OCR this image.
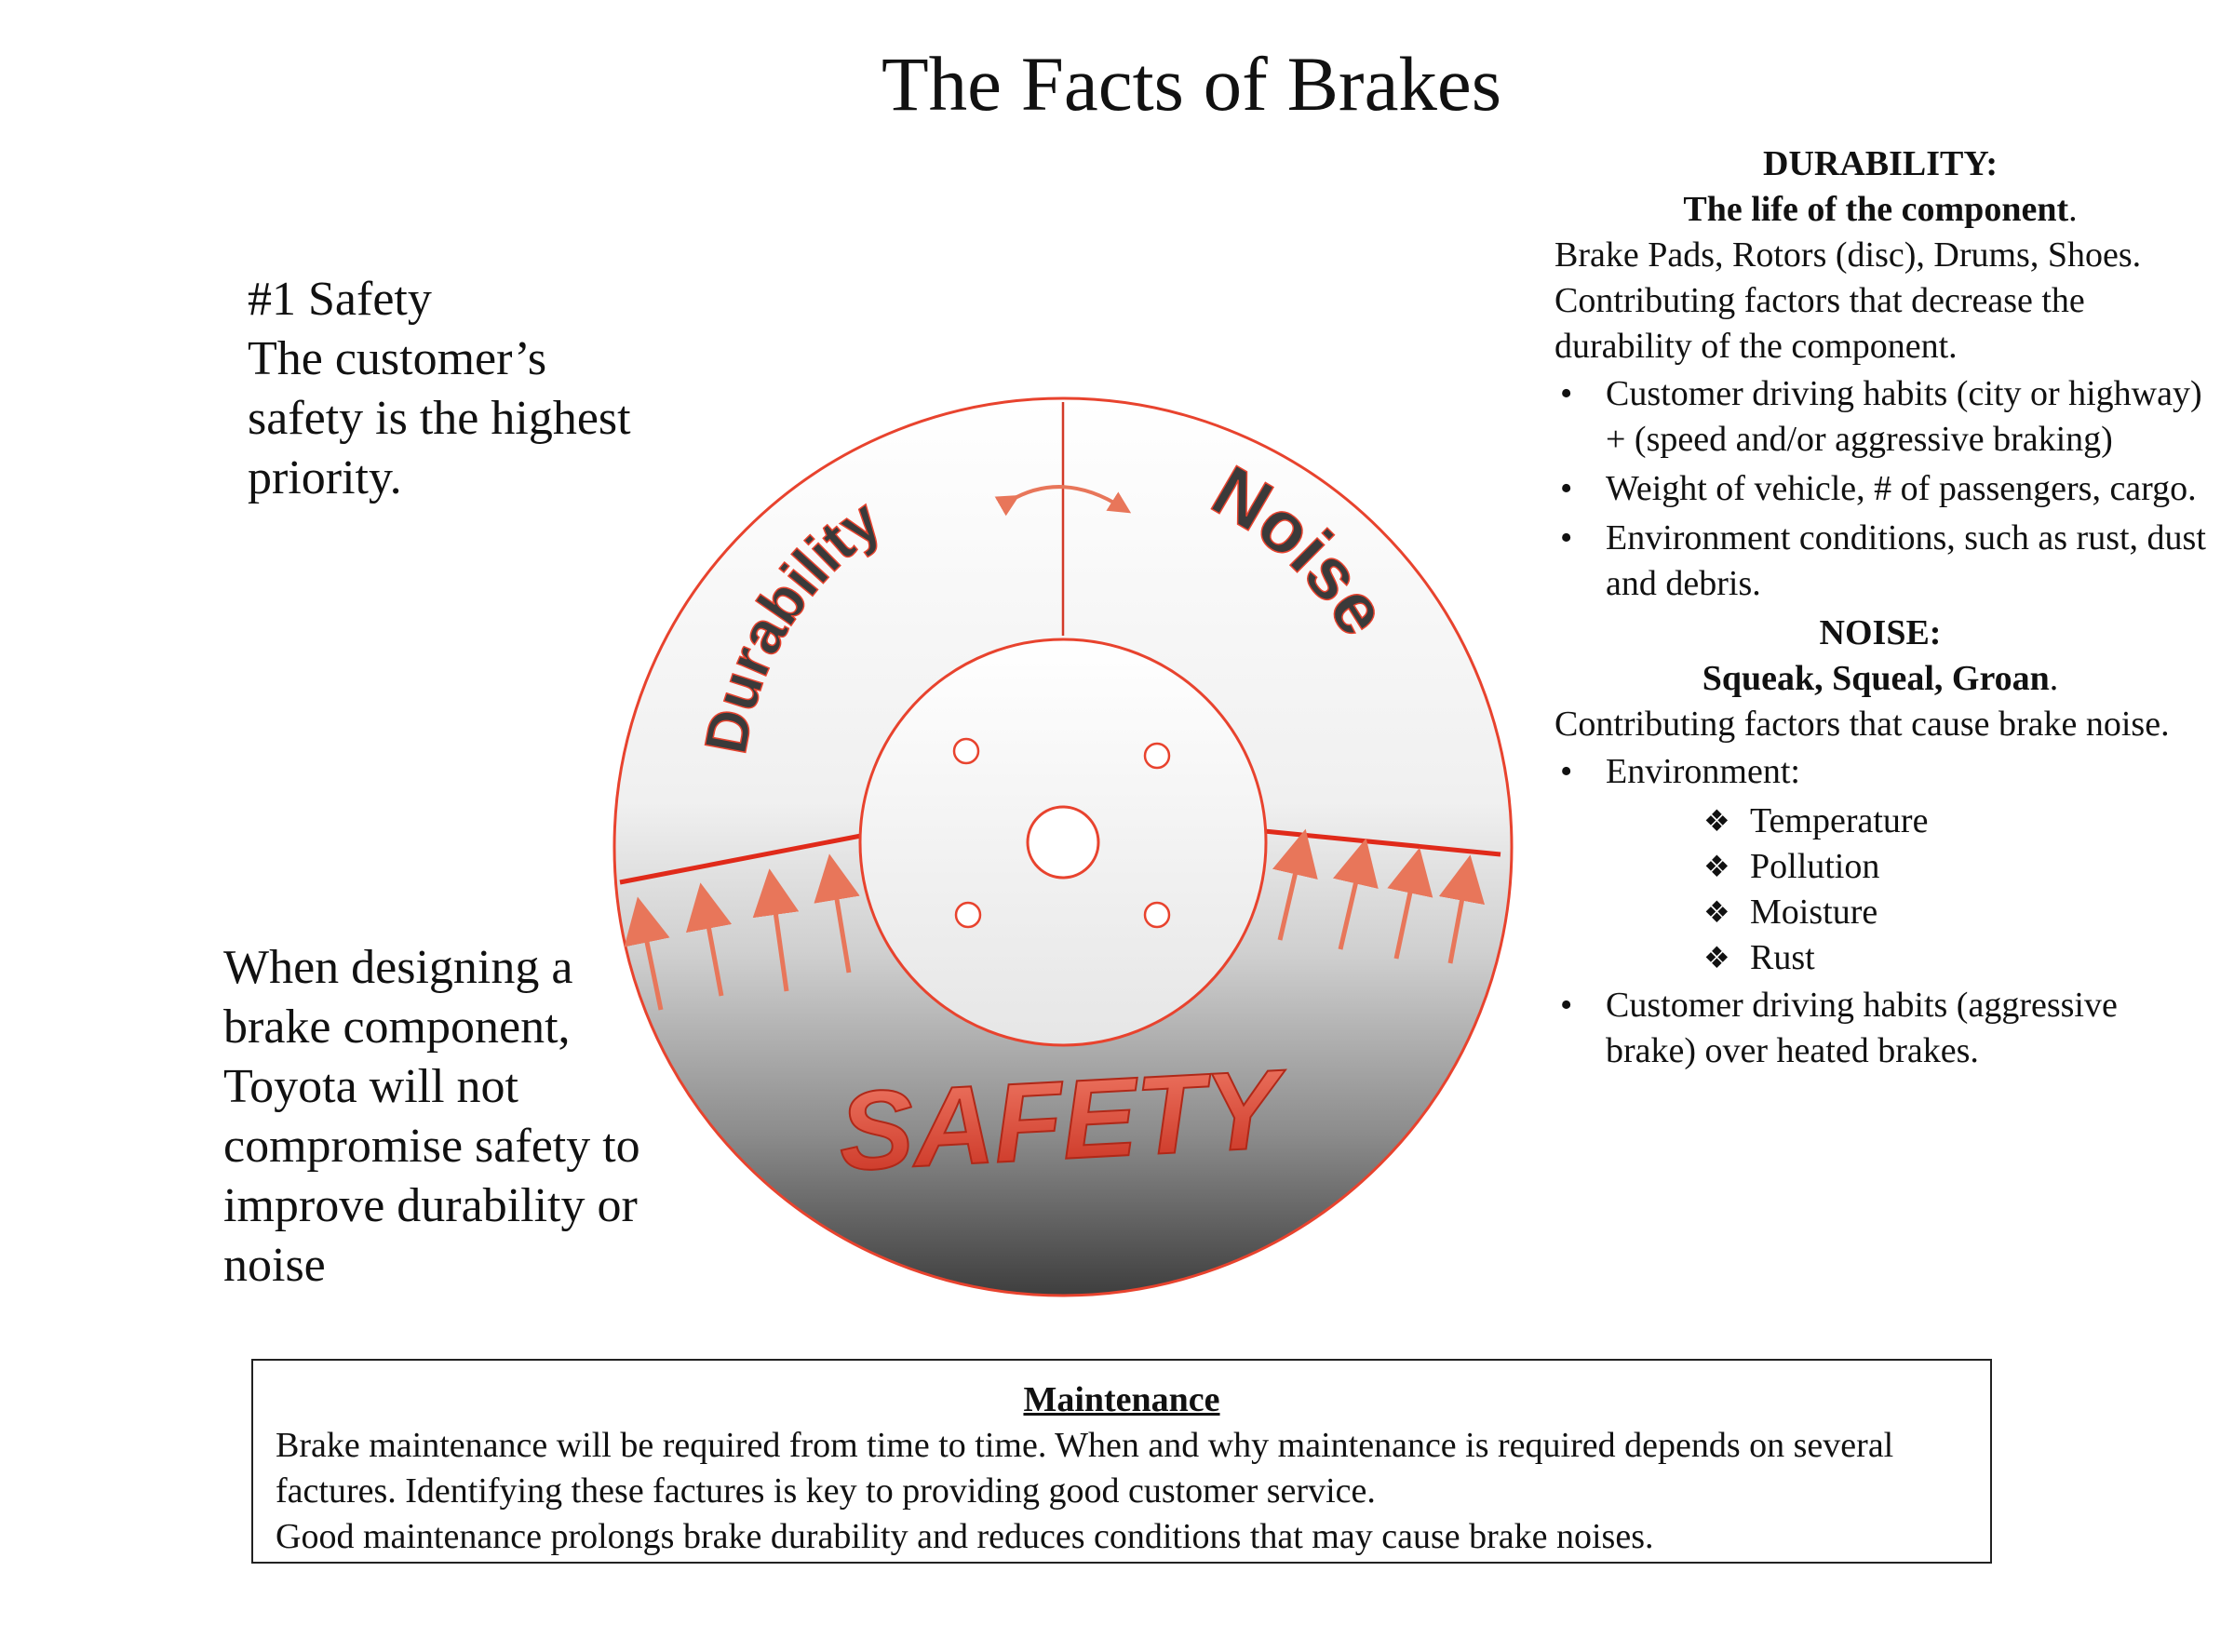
The Facts of Brakes
#1 Safety
The customer’s safety is the highest priority.
When designing a brake component, Toyota will not compromise safety to improve durability or noise
Durability	Noise
SAFETY

DURABILITY:

The life of the component.

Brake Pads, Rotors (disc), Drums, Shoes.

Contributing factors that decrease the durability of the component.

• Customer driving habits (city or highway) + (speed and/or aggressive braking)
• Weight of vehicle, # of passengers, cargo.
• Environment conditions, such as rust, dust and debris.

NOISE:

Squeak, Squeal, Groan.

Contributing factors that cause brake noise.

• Environment:
❖ Temperature
❖ Pollution
❖ Moisture
❖ Rust
• Customer driving habits (aggressive brake) over heated brakes.

Maintenance

Brake maintenance will be required from time to time. When and why maintenance is required depends on several factures. Identifying these factures is key to providing good customer service.

Good maintenance prolongs brake durability and reduces conditions that may cause brake noises.
